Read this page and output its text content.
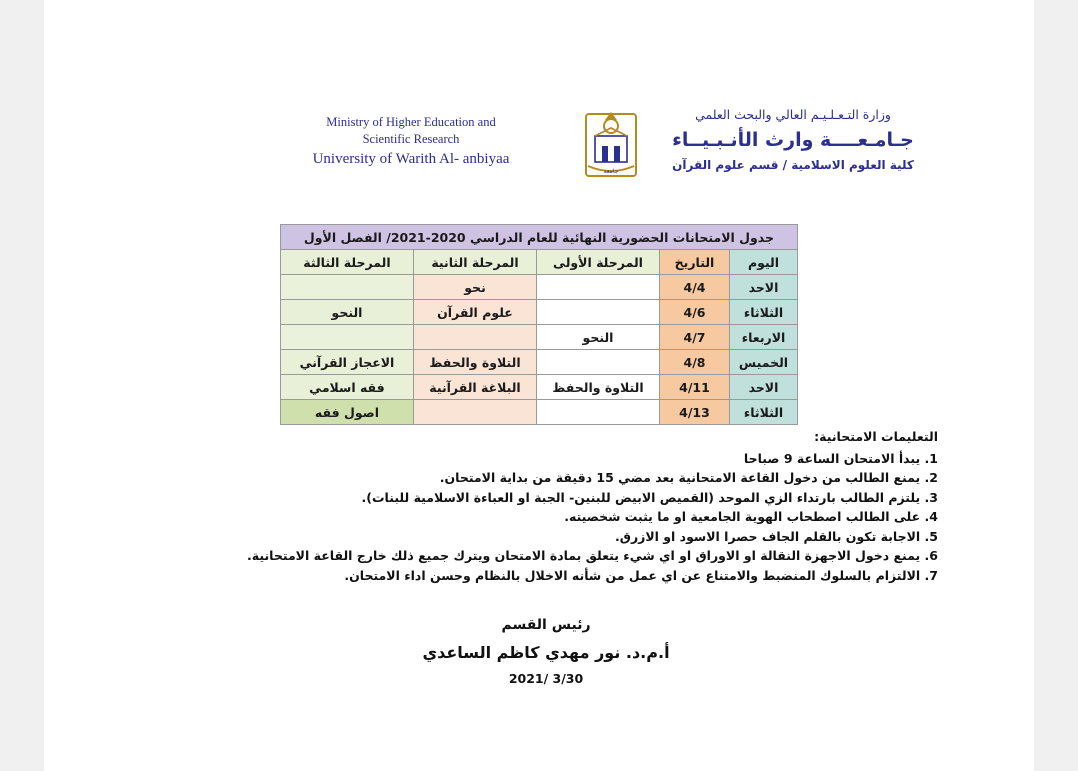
Ministry of Higher Education and
Scientific Research
University of Warith Al- anbiyaa
جامعة
وزارة التـعـلـيـم العالي والبحث العلمي
جـامـعــــة وارث الأنـبـيــاء
كلية العلوم الاسلامية / قسم علوم القرآن
جدول الامتحانات الحضورية النهائية للعام الدراسي 2020-2021/ الفصل الأول				
اليوم	التاريخ	المرحلة الأولى	المرحلة الثانية	المرحلة الثالثة
الاحد	4/4		نحو	
الثلاثاء	4/6		علوم القرآن	النحو
الاربعاء	4/7	النحو		
الخميس	4/8		التلاوة والحفظ	الاعجاز القرآني
الاحد	4/11	التلاوة والحفظ	البلاغة القرآنية	فقه اسلامي
الثلاثاء	4/13			اصول فقه

التعليمات الامتحانية:

1. يبدأ الامتحان الساعة 9 صباحا

2. يمنع الطالب من دخول القاعة الامتحانية بعد مضي 15 دقيقة من بداية الامتحان.

3. يلتزم الطالب بارتداء الزي الموحد (القميص الابيض للبنين- الجبة او العباءة الاسلامية للبنات).

4. على الطالب اصطحاب الهوية الجامعية او ما يثبت شخصيته.

5. الاجابة تكون بالقلم الجاف حصرا الاسود او الازرق.

6. يمنع دخول الاجهزة النقالة او الاوراق او اي شيء يتعلق بمادة الامتحان ويترك جميع ذلك خارج القاعة الامتحانية.

7. الالتزام بالسلوك المنضبط والامتناع عن اي عمل من شأنه الاخلال بالنظام وحسن اداء الامتحان.

رئيس القسم
أ.م.د. نور مهدي كاظم الساعدي
2021/ 3/30
